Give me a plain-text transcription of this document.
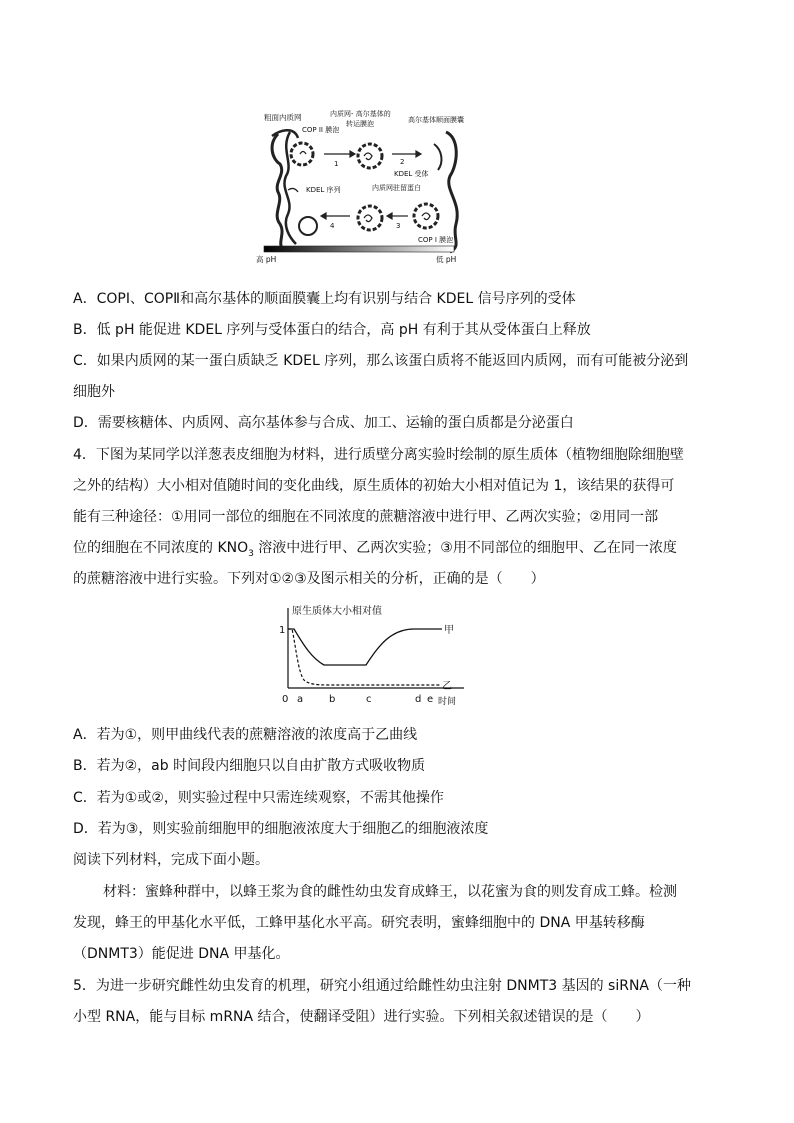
粗面内质网
COP II 膜泡
内质网- 高尔基体的
转运膜泡	高尔基体顺面膜囊
KDEL 受体
内质网驻留蛋白
KDEL 序列
COP I 膜泡
1	2
3
4
高 pH	低 pH
A．COPⅠ、COPⅡ和高尔基体的顺面膜囊上均有识别与结合 KDEL 信号序列的受体
B．低 pH 能促进 KDEL 序列与受体蛋白的结合，高 pH 有利于其从受体蛋白上释放
C．如果内质网的某一蛋白质缺乏 KDEL 序列，那么该蛋白质将不能返回内质网，而有可能被分泌到
细胞外
D．需要核糖体、内质网、高尔基体参与合成、加工、运输的蛋白质都是分泌蛋白
4．下图为某同学以洋葱表皮细胞为材料，进行质壁分离实验时绘制的原生质体（植物细胞除细胞壁
之外的结构）大小相对值随时间的变化曲线，原生质体的初始大小相对值记为 1，该结果的获得可
能有三种途径：①用同一部位的细胞在不同浓度的蔗糖溶液中进行甲、乙两次实验；②用同一部
位的细胞在不同浓度的 $KNO_3$ 溶液中进行甲、乙两次实验；③用不同部位的细胞甲、乙在同一浓度
的蔗糖溶液中进行实验。下列对①②③及图示相关的分析，正确的是（　　）
原生质体大小相对值
1
0 a	b	c	d e 时间
甲
乙
A．若为①，则甲曲线代表的蔗糖溶液的浓度高于乙曲线
B．若为②，ab 时间段内细胞只以自由扩散方式吸收物质
C．若为①或②，则实验过程中只需连续观察，不需其他操作
D．若为③，则实验前细胞甲的细胞液浓度大于细胞乙的细胞液浓度
阅读下列材料，完成下面小题。
材料：蜜蜂种群中，以蜂王浆为食的雌性幼虫发育成蜂王，以花蜜为食的则发育成工蜂。检测
发现，蜂王的甲基化水平低，工蜂甲基化水平高。研究表明，蜜蜂细胞中的 DNA 甲基转移酶
（DNMT3）能促进 DNA 甲基化。
5．为进一步研究雌性幼虫发育的机理，研究小组通过给雌性幼虫注射 DNMT3 基因的 siRNA（一种
小型 RNA，能与目标 mRNA 结合，使翻译受阻）进行实验。下列相关叙述错误的是（　　）
